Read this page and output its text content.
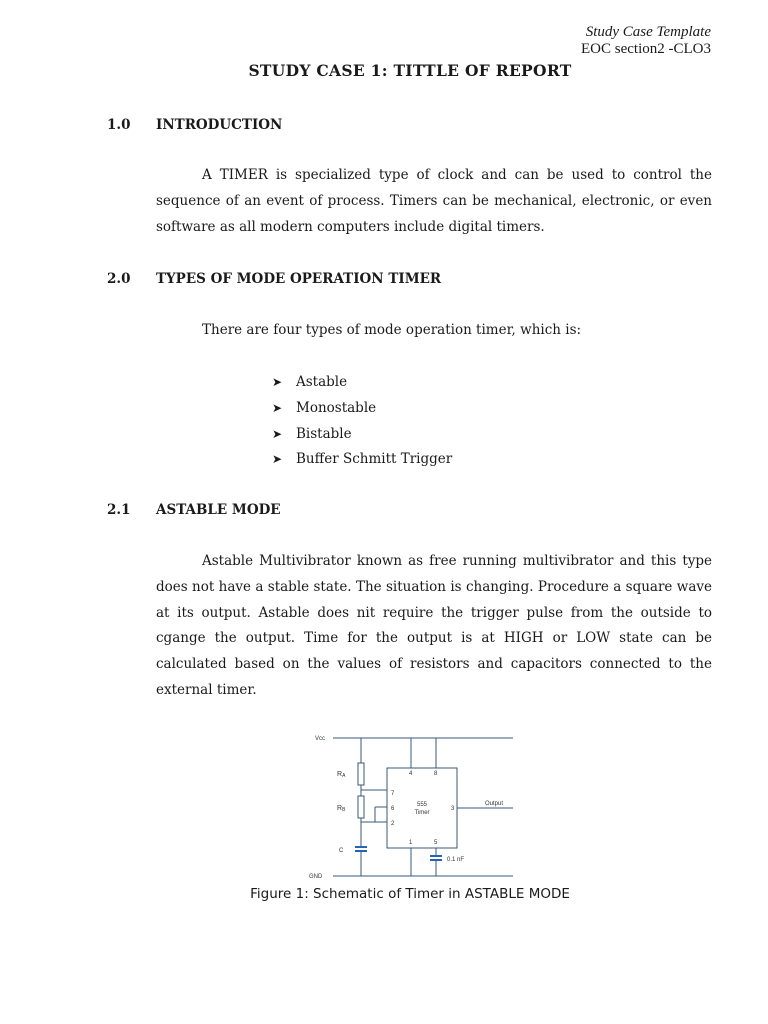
Study Case Template
EOC section2 -CLO3
STUDY CASE 1: TITTLE OF REPORT
1.0 INTRODUCTION
A TIMER is specialized type of clock and can be used to control the sequence of an event of process. Timers can be mechanical, electronic, or even software as all modern computers include digital timers.
2.0 TYPES OF MODE OPERATION TIMER
There are four types of mode operation timer, which is:
➤	Astable
➤	Monostable
➤	Bistable
➤	Buffer Schmitt Trigger
2.1 ASTABLE MODE
Astable Multivibrator known as free running multivibrator and this type does not have a stable state. The situation is changing. Procedure a square wave at its output. Astable does nit require the trigger pulse from the outside to cgange the output. Time for the output is at HIGH or LOW state can be calculated based on the values of resistors and capacitors connected to the external timer.
Vcc
GND
RA
RB
C
555
Timer
4	8
7
6
2
3
Output
1	5
0.1 nF
Figure 1: Schematic of Timer in ASTABLE MODE
